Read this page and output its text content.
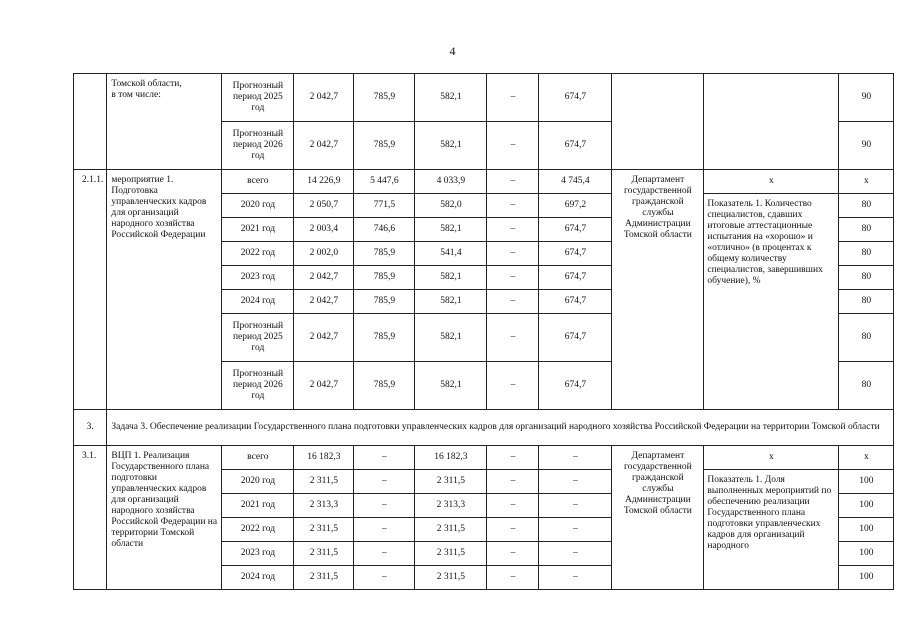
4
	Томской области,
в том числе:	Прогнозный период 2025 год	2 042,7	785,9	582,1	–	674,7			90
		Прогнозный период 2026 год	2 042,7	785,9	582,1	–	674,7			90
2.1.1.	мероприятие 1. Подготовка управленческих кадров для организаций народного хозяйства Российской Федерации	всего	14 226,9	5 447,6	4 033,9	–	4 745,4	Департамент государственной гражданской службы Администрации Томской области	х	х
		2020 год	2 050,7	771,5	582,0	–	697,2		Показатель 1. Количество специалистов, сдавших итоговые аттестационные испытания на «хорошо» и «отлично» (в процентах к общему количеству специалистов, завершивших обучение), %	80
		2021 год	2 003,4	746,6	582,1	–	674,7			80
		2022 год	2 002,0	785,9	541,4	–	674,7			80
		2023 год	2 042,7	785,9	582,1	–	674,7			80
		2024 год	2 042,7	785,9	582,1	–	674,7			80
		Прогнозный период 2025 год	2 042,7	785,9	582,1	–	674,7			80
		Прогнозный период 2026 год	2 042,7	785,9	582,1	–	674,7			80
3.	Задача 3. Обеспечение реализации Государственного плана подготовки управленческих кадров для организаций народного хозяйства Российской Федерации на территории Томской области									
3.1.	ВЦП 1. Реализация Государственного плана подготовки управленческих кадров для организаций народного хозяйства Российской Федерации на территории Томской области	всего	16 182,3	–	16 182,3	–	–	Департамент государственной гражданской службы Администрации Томской области	х	х
		2020 год	2 311,5	–	2 311,5	–	–		Показатель 1. Доля выполненных мероприятий по обеспечению реализации Государственного плана подготовки управленческих кадров для организаций народного	100
		2021 год	2 313,3	–	2 313,3	–	–			100
		2022 год	2 311,5	–	2 311,5	–	–			100
		2023 год	2 311,5	–	2 311,5	–	–			100
		2024 год	2 311,5	–	2 311,5	–	–			100
